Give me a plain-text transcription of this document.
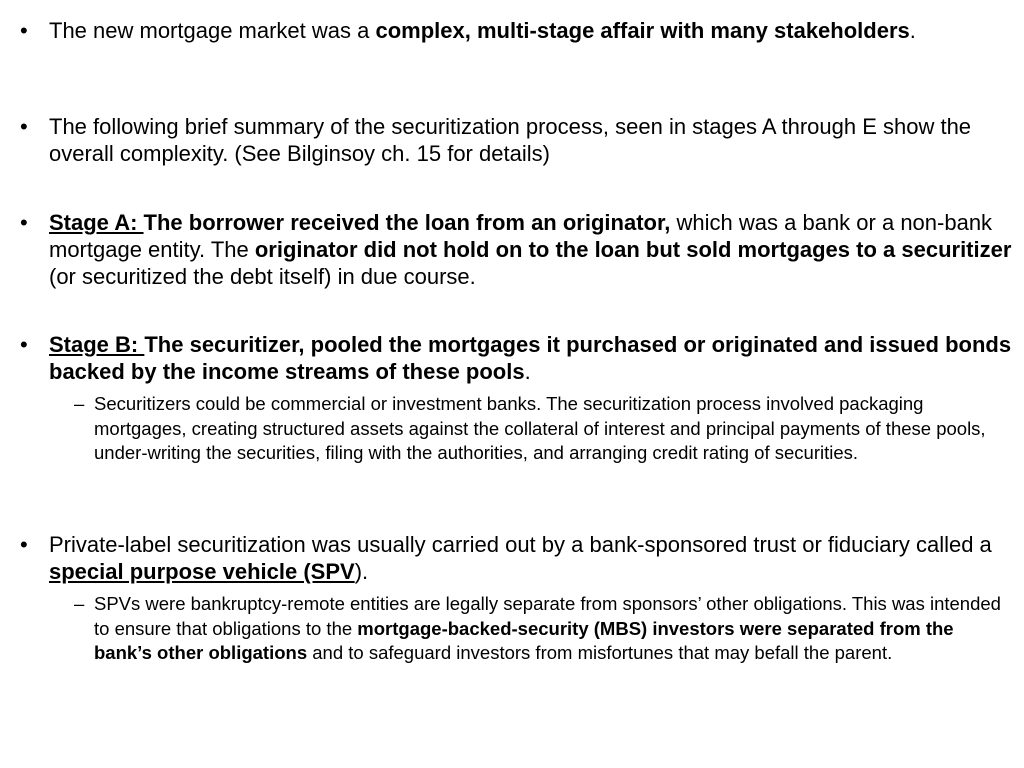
• The new mortgage market was a complex, multi-stage affair with many stakeholders.
• The following brief summary of the securitization process, seen in stages A through E show the overall complexity. (See Bilginsoy ch. 15 for details)
• Stage A: The borrower received the loan from an originator, which was a bank or a non-bank mortgage entity. The originator did not hold on to the loan but sold mortgages to a securitizer (or securitized the debt itself) in due course.
• Stage B: The securitizer, pooled the mortgages it purchased or originated and issued bonds backed by the income streams of these pools.
– Securitizers could be commercial or investment banks. The securitization process involved packaging mortgages, creating structured assets against the collateral of interest and principal payments of these pools, under-writing the securities, filing with the authorities, and arranging credit rating of securities.
• Private-label securitization was usually carried out by a bank-sponsored trust or fiduciary called a special purpose vehicle (SPV).
– SPVs were bankruptcy-remote entities are legally separate from sponsors’ other obligations. This was intended to ensure that obligations to the mortgage-backed-security (MBS) investors were separated from the bank’s other obligations and to safeguard investors from misfortunes that may befall the parent.
